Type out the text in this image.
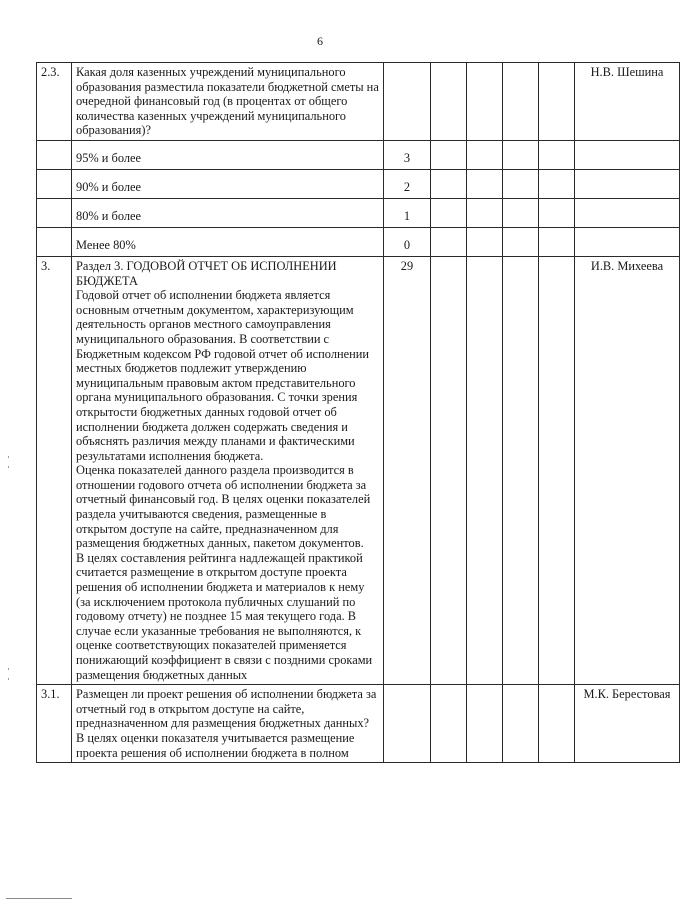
6
2.3.	Какая доля казенных учреждений муниципального образования разместила показатели бюджетной сметы на очередной финансовый год (в процентах от общего количества казенных учреждений муниципального образования)?						Н.В. Шешина
	95% и более	3					
	90% и более	2					
	80% и более	1					
	Менее 80%	0					
3.	Раздел 3. ГОДОВОЙ ОТЧЕТ ОБ ИСПОЛНЕНИИ БЮДЖЕТА
Годовой отчет об исполнении бюджета является основным отчетным документом, характеризующим деятельность органов местного самоуправления муниципального образования. В соответствии с Бюджетным кодексом РФ годовой отчет об исполнении местных бюджетов подлежит утверждению муниципальным правовым актом представительного органа муниципального образования. С точки зрения открытости бюджетных данных годовой отчет об исполнении бюджета должен содержать сведения и объяснять различия между планами и фактическими результатами исполнения бюджета.
Оценка показателей данного раздела производится в отношении годового отчета об исполнении бюджета за отчетный финансовый год. В целях оценки показателей раздела учитываются сведения, размещенные в открытом доступе на сайте, предназначенном для размещения бюджетных данных, пакетом документов.
В целях составления рейтинга надлежащей практикой считается размещение в открытом доступе проекта решения об исполнении бюджета и материалов к нему (за исключением протокола публичных слушаний по годовому отчету) не позднее 15 мая текущего года. В случае если указанные требования не выполняются, к оценке соответствующих показателей применяется понижающий коэффициент в связи с поздними сроками размещения бюджетных данных	29					И.В. Михеева
3.1.	Размещен ли проект решения об исполнении бюджета за отчетный год в открытом доступе на сайте, предназначенном для размещения бюджетных данных?
В целях оценки показателя учитывается размещение проекта решения об исполнении бюджета в полном						М.К. Берестовая
